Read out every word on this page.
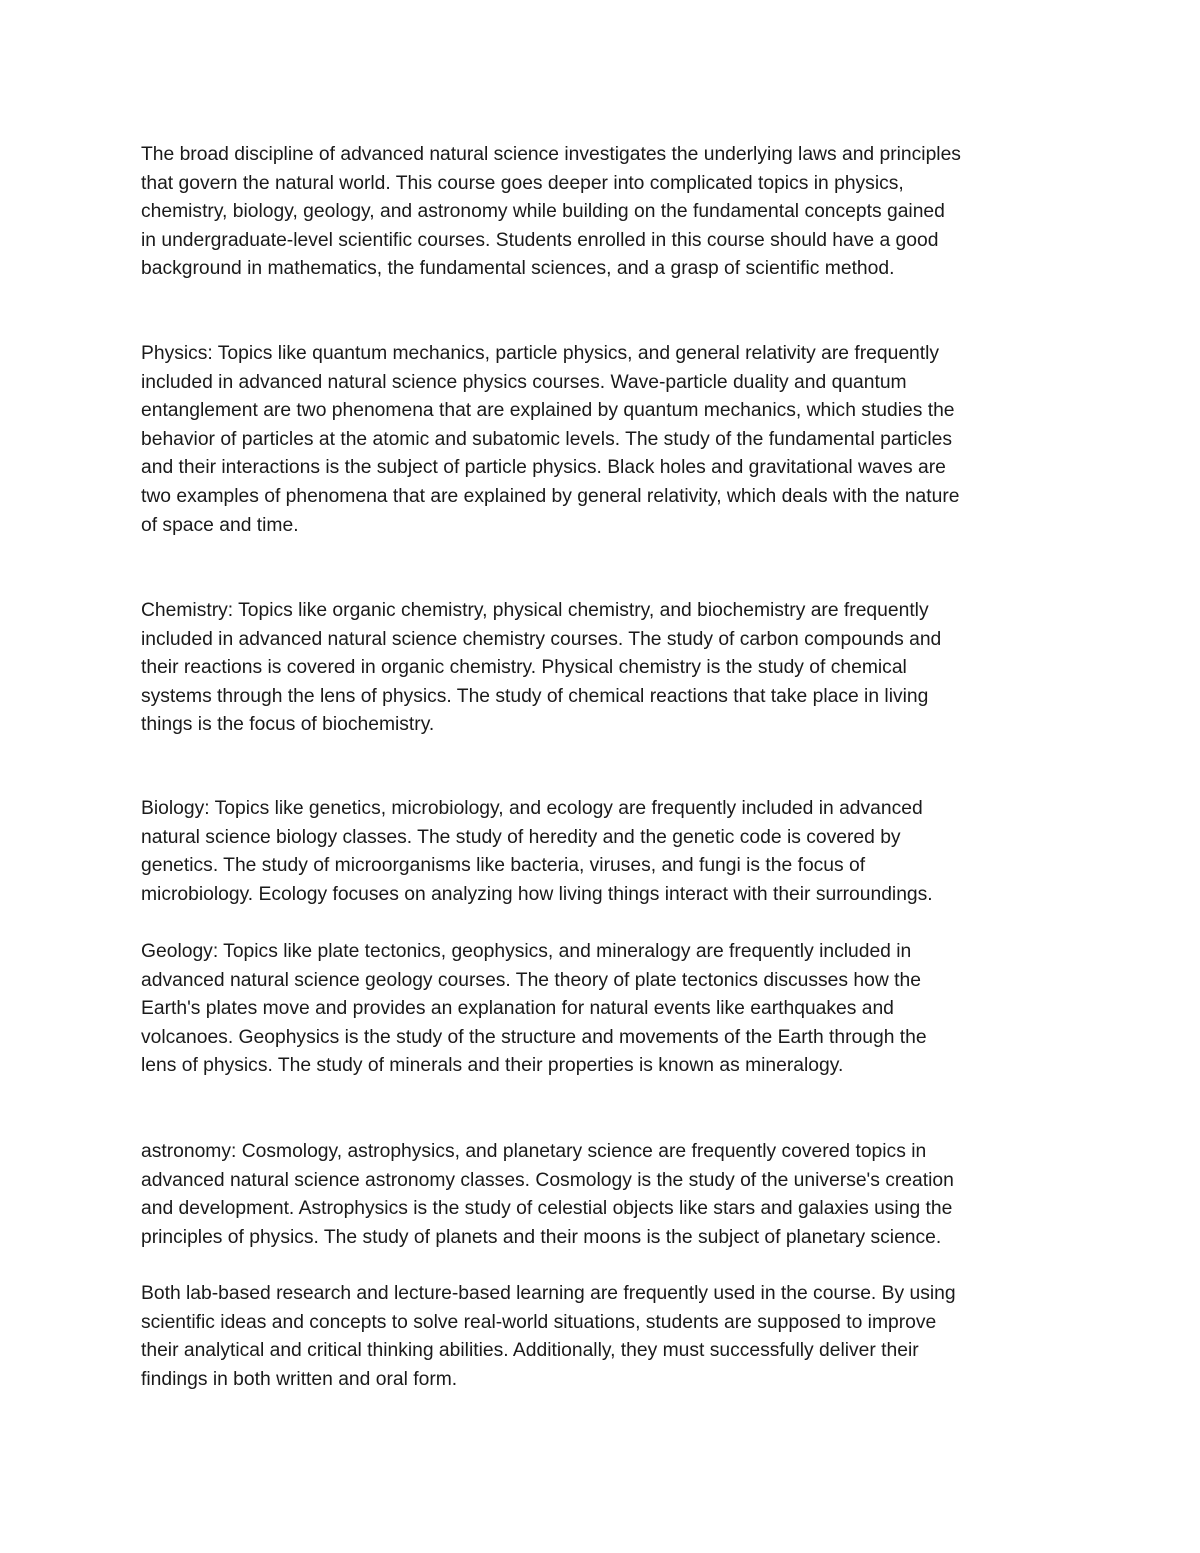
The broad discipline of advanced natural science investigates the underlying laws and principles
that govern the natural world. This course goes deeper into complicated topics in physics,
chemistry, biology, geology, and astronomy while building on the fundamental concepts gained
in undergraduate-level scientific courses. Students enrolled in this course should have a good
background in mathematics, the fundamental sciences, and a grasp of scientific method.

Physics: Topics like quantum mechanics, particle physics, and general relativity are frequently
included in advanced natural science physics courses. Wave-particle duality and quantum
entanglement are two phenomena that are explained by quantum mechanics, which studies the
behavior of particles at the atomic and subatomic levels. The study of the fundamental particles
and their interactions is the subject of particle physics. Black holes and gravitational waves are
two examples of phenomena that are explained by general relativity, which deals with the nature
of space and time.

Chemistry: Topics like organic chemistry, physical chemistry, and biochemistry are frequently
included in advanced natural science chemistry courses. The study of carbon compounds and
their reactions is covered in organic chemistry. Physical chemistry is the study of chemical
systems through the lens of physics. The study of chemical reactions that take place in living
things is the focus of biochemistry.

Biology: Topics like genetics, microbiology, and ecology are frequently included in advanced
natural science biology classes. The study of heredity and the genetic code is covered by
genetics. The study of microorganisms like bacteria, viruses, and fungi is the focus of
microbiology. Ecology focuses on analyzing how living things interact with their surroundings.

Geology: Topics like plate tectonics, geophysics, and mineralogy are frequently included in
advanced natural science geology courses. The theory of plate tectonics discusses how the
Earth's plates move and provides an explanation for natural events like earthquakes and
volcanoes. Geophysics is the study of the structure and movements of the Earth through the
lens of physics. The study of minerals and their properties is known as mineralogy.

astronomy: Cosmology, astrophysics, and planetary science are frequently covered topics in
advanced natural science astronomy classes. Cosmology is the study of the universe's creation
and development. Astrophysics is the study of celestial objects like stars and galaxies using the
principles of physics. The study of planets and their moons is the subject of planetary science.

Both lab-based research and lecture-based learning are frequently used in the course. By using
scientific ideas and concepts to solve real-world situations, students are supposed to improve
their analytical and critical thinking abilities. Additionally, they must successfully deliver their
findings in both written and oral form.
